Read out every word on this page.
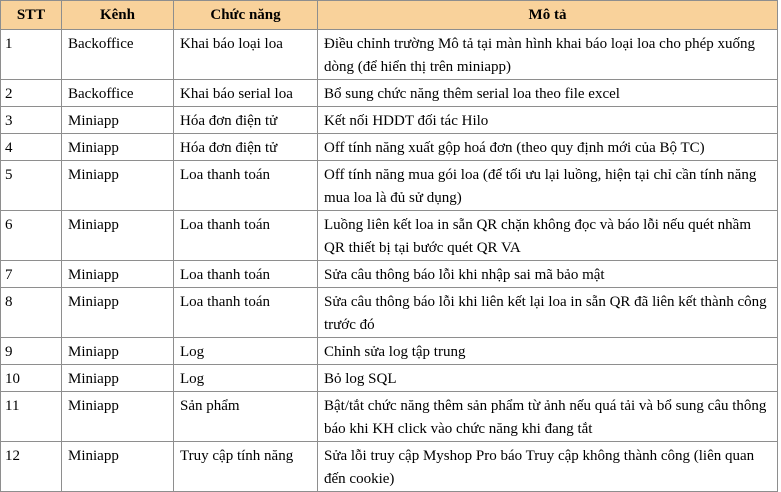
STT	Kênh	Chức năng	Mô tả
1	Backoffice	Khai báo loại loa	Điều chỉnh trường Mô tả tại màn hình khai báo loại loa cho phép xuống dòng (để hiển thị trên miniapp)
2	Backoffice	Khai báo serial loa	Bổ sung chức năng thêm serial loa theo file excel
3	Miniapp	Hóa đơn điện tử	Kết nối HDDT đối tác Hilo
4	Miniapp	Hóa đơn điện tử	Off tính năng xuất gộp hoá đơn (theo quy định mới của Bộ TC)
5	Miniapp	Loa thanh toán	Off tính năng mua gói loa (để tối ưu lại luồng, hiện tại chỉ cần tính năng mua loa là đủ sử dụng)
6	Miniapp	Loa thanh toán	Luồng liên kết loa in sẵn QR chặn không đọc và báo lỗi nếu quét nhầm QR thiết bị tại bước quét QR VA
7	Miniapp	Loa thanh toán	Sửa câu thông báo lỗi khi nhập sai mã bảo mật
8	Miniapp	Loa thanh toán	Sửa câu thông báo lỗi khi liên kết lại loa in sẵn QR đã liên kết thành công trước đó
9	Miniapp	Log	Chỉnh sửa log tập trung
10	Miniapp	Log	Bỏ log SQL
11	Miniapp	Sản phẩm	Bật/tắt chức năng thêm sản phẩm từ ảnh nếu quá tải và bổ sung câu thông báo khi KH click vào chức năng khi đang tắt
12	Miniapp	Truy cập tính năng	Sửa lỗi truy cập Myshop Pro báo Truy cập không thành công (liên quan đến cookie)
